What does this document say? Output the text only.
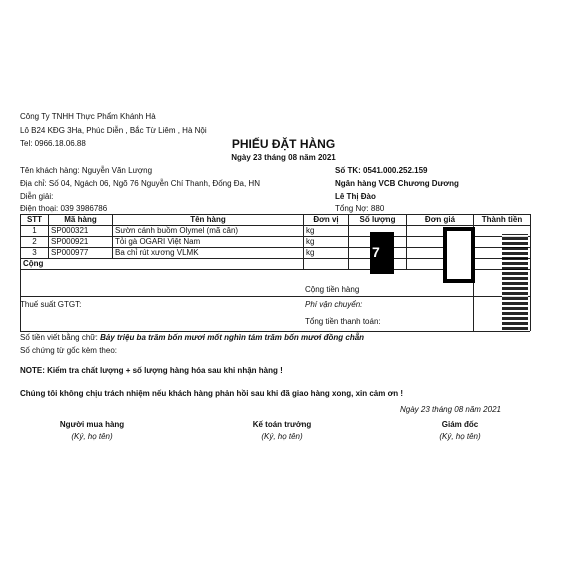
Công Ty TNHH Thực Phẩm Khánh Hà
Lô B24 KĐG 3Ha, Phúc Diễn , Bắc Từ Liêm , Hà Nội
Tel: 0966.18.06.88	PHIẾU ĐẶT HÀNG
Ngày 23 tháng 08 năm 2021
Tên khách hàng: Nguyễn Văn Lượng
Địa chỉ: Số 04, Ngách 06, Ngõ 76 Nguyễn Chí Thanh, Đống Đa, HN
Diễn giải:
Điện thoại: 039 3986786
Số TK: 0541.000.252.159
Ngân hàng VCB Chương Dương
Lê Thị Đào
Tổng Nợ: 880
STT	Mã hàng	Tên hàng	Đơn vị	Số lượng	Đơn giá	Thành tiền
1	SP000321	Sườn cánh buồm Olymel (mã cân)	kg			
2	SP000921	Tỏi gà OGARI Việt Nam	kg			
3	SP000977	Ba chỉ rút xương VLMK	kg			
Cộng						
Cộng tiền hàng
Thuế suất GTGT:	Phí vận chuyển:
Tổng tiền thanh toán:
7
Số tiền viết bằng chữ: Bảy triệu ba trăm bốn mươi mốt nghìn tám trăm bốn mươi đồng chẵn
Số chứng từ gốc kèm theo:
NOTE: Kiểm tra chất lượng + số lượng hàng hóa sau khi nhận hàng !
Chúng tôi không chịu trách nhiệm nếu khách hàng phản hồi sau khi đã giao hàng xong, xin cảm ơn !
Ngày 23 tháng 08 năm 2021
Người mua hàng
(Ký, họ tên)
Kế toán trưởng
(Ký, họ tên)
Giám đốc
(Ký, họ tên)
